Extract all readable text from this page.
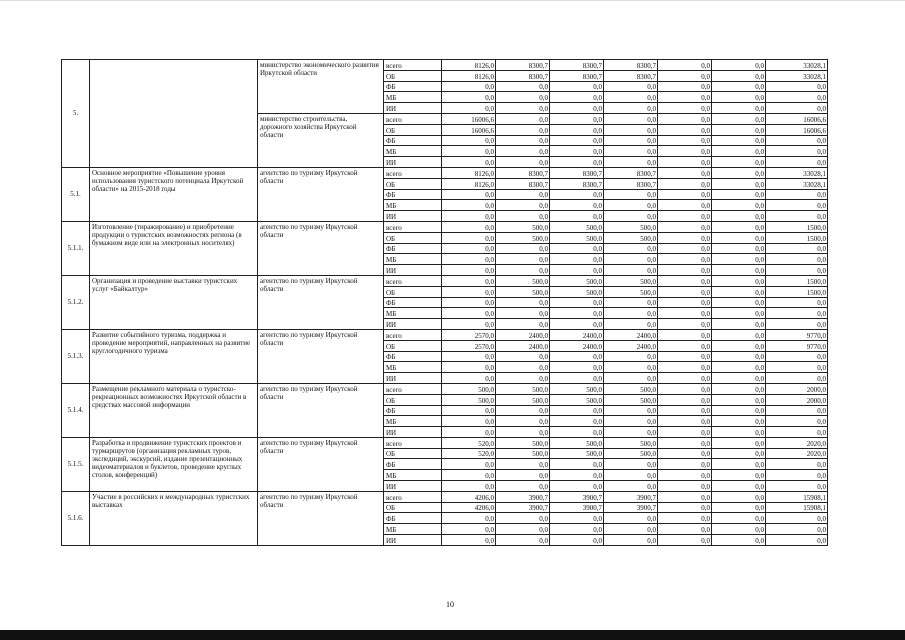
5.		министерство экономического развития Иркутской области	всего	8126,0	8300,7	8300,7	8300,7	0,0	0,0	33028,1
			ОБ	8126,0	8300,7	8300,7	8300,7	0,0	0,0	33028,1
			ФБ	0,0	0,0	0,0	0,0	0,0	0,0	0,0
			МБ	0,0	0,0	0,0	0,0	0,0	0,0	0,0
			ИИ	0,0	0,0	0,0	0,0	0,0	0,0	0,0
		министерство строительства, дорожного хозяйства Иркутской области	всего	16006,6	0,0	0,0	0,0	0,0	0,0	16006,6
			ОБ	16006,6	0,0	0,0	0,0	0,0	0,0	16006,6
			ФБ	0,0	0,0	0,0	0,0	0,0	0,0	0,0
			МБ	0,0	0,0	0,0	0,0	0,0	0,0	0,0
			ИИ	0,0	0,0	0,0	0,0	0,0	0,0	0,0
5.1.	Основное мероприятие «Повышение уровня использования туристского потенциала Иркутской области» на 2015-2018 годы	агентство по туризму Иркутской области	всего	8126,0	8300,7	8300,7	8300,7	0,0	0,0	33028,1
			ОБ	8126,0	8300,7	8300,7	8300,7	0,0	0,0	33028,1
			ФБ	0,0	0,0	0,0	0,0	0,0	0,0	0,0
			МБ	0,0	0,0	0,0	0,0	0,0	0,0	0,0
			ИИ	0,0	0,0	0,0	0,0	0,0	0,0	0,0
5.1.1.	Изготовление (тиражирование) и приобретение продукции о туристских возможностях региона (в бумажном виде или на электронных носителях)	агентство по туризму Иркутской области	всего	0,0	500,0	500,0	500,0	0,0	0,0	1500,0
			ОБ	0,0	500,0	500,0	500,0	0,0	0,0	1500,0
			ФБ	0,0	0,0	0,0	0,0	0,0	0,0	0,0
			МБ	0,0	0,0	0,0	0,0	0,0	0,0	0,0
			ИИ	0,0	0,0	0,0	0,0	0,0	0,0	0,0
5.1.2.	Организация и проведение выставки туристских услуг «Байкалтур»	агентство по туризму Иркутской области	всего	0,0	500,0	500,0	500,0	0,0	0,0	1500,0
			ОБ	0,0	500,0	500,0	500,0	0,0	0,0	1500,0
			ФБ	0,0	0,0	0,0	0,0	0,0	0,0	0,0
			МБ	0,0	0,0	0,0	0,0	0,0	0,0	0,0
			ИИ	0,0	0,0	0,0	0,0	0,0	0,0	0,0
5.1.3.	Развитие событийного туризма, поддержка и проведение мероприятий, направленных на развитие круглогодичного туризма	агентство по туризму Иркутской области	всего	2570,0	2400,0	2400,0	2400,0	0,0	0,0	9770,0
			ОБ	2570,0	2400,0	2400,0	2400,0	0,0	0,0	9770,0
			ФБ	0,0	0,0	0,0	0,0	0,0	0,0	0,0
			МБ	0,0	0,0	0,0	0,0	0,0	0,0	0,0
			ИИ	0,0	0,0	0,0	0,0	0,0	0,0	0,0
5.1.4.	Размещение рекламного материала о туристско-рекреационных возможностях Иркутской области в средствах массовой информации	агентство по туризму Иркутской области	всего	500,0	500,0	500,0	500,0	0,0	0,0	2000,0
			ОБ	500,0	500,0	500,0	500,0	0,0	0,0	2000,0
			ФБ	0,0	0,0	0,0	0,0	0,0	0,0	0,0
			МБ	0,0	0,0	0,0	0,0	0,0	0,0	0,0
			ИИ	0,0	0,0	0,0	0,0	0,0	0,0	0,0
5.1.5.	Разработка и продвижение туристских проектов и турмаршрутов (организация рекламных туров, экспедиций, экскурсий, издание презентационных видеоматериалов и буклетов, проведение круглых столов, конференций)	агентство по туризму Иркутской области	всего	520,0	500,0	500,0	500,0	0,0	0,0	2020,0
			ОБ	520,0	500,0	500,0	500,0	0,0	0,0	2020,0
			ФБ	0,0	0,0	0,0	0,0	0,0	0,0	0,0
			МБ	0,0	0,0	0,0	0,0	0,0	0,0	0,0
			ИИ	0,0	0,0	0,0	0,0	0,0	0,0	0,0
5.1.6.	Участие в российских и международных туристских выставках	агентство по туризму Иркутской области	всего	4206,0	3900,7	3900,7	3900,7	0,0	0,0	15908,1
			ОБ	4206,0	3900,7	3900,7	3900,7	0,0	0,0	15908,1
			ФБ	0,0	0,0	0,0	0,0	0,0	0,0	0,0
			МБ	0,0	0,0	0,0	0,0	0,0	0,0	0,0
			ИИ	0,0	0,0	0,0	0,0	0,0	0,0	0,0
10
